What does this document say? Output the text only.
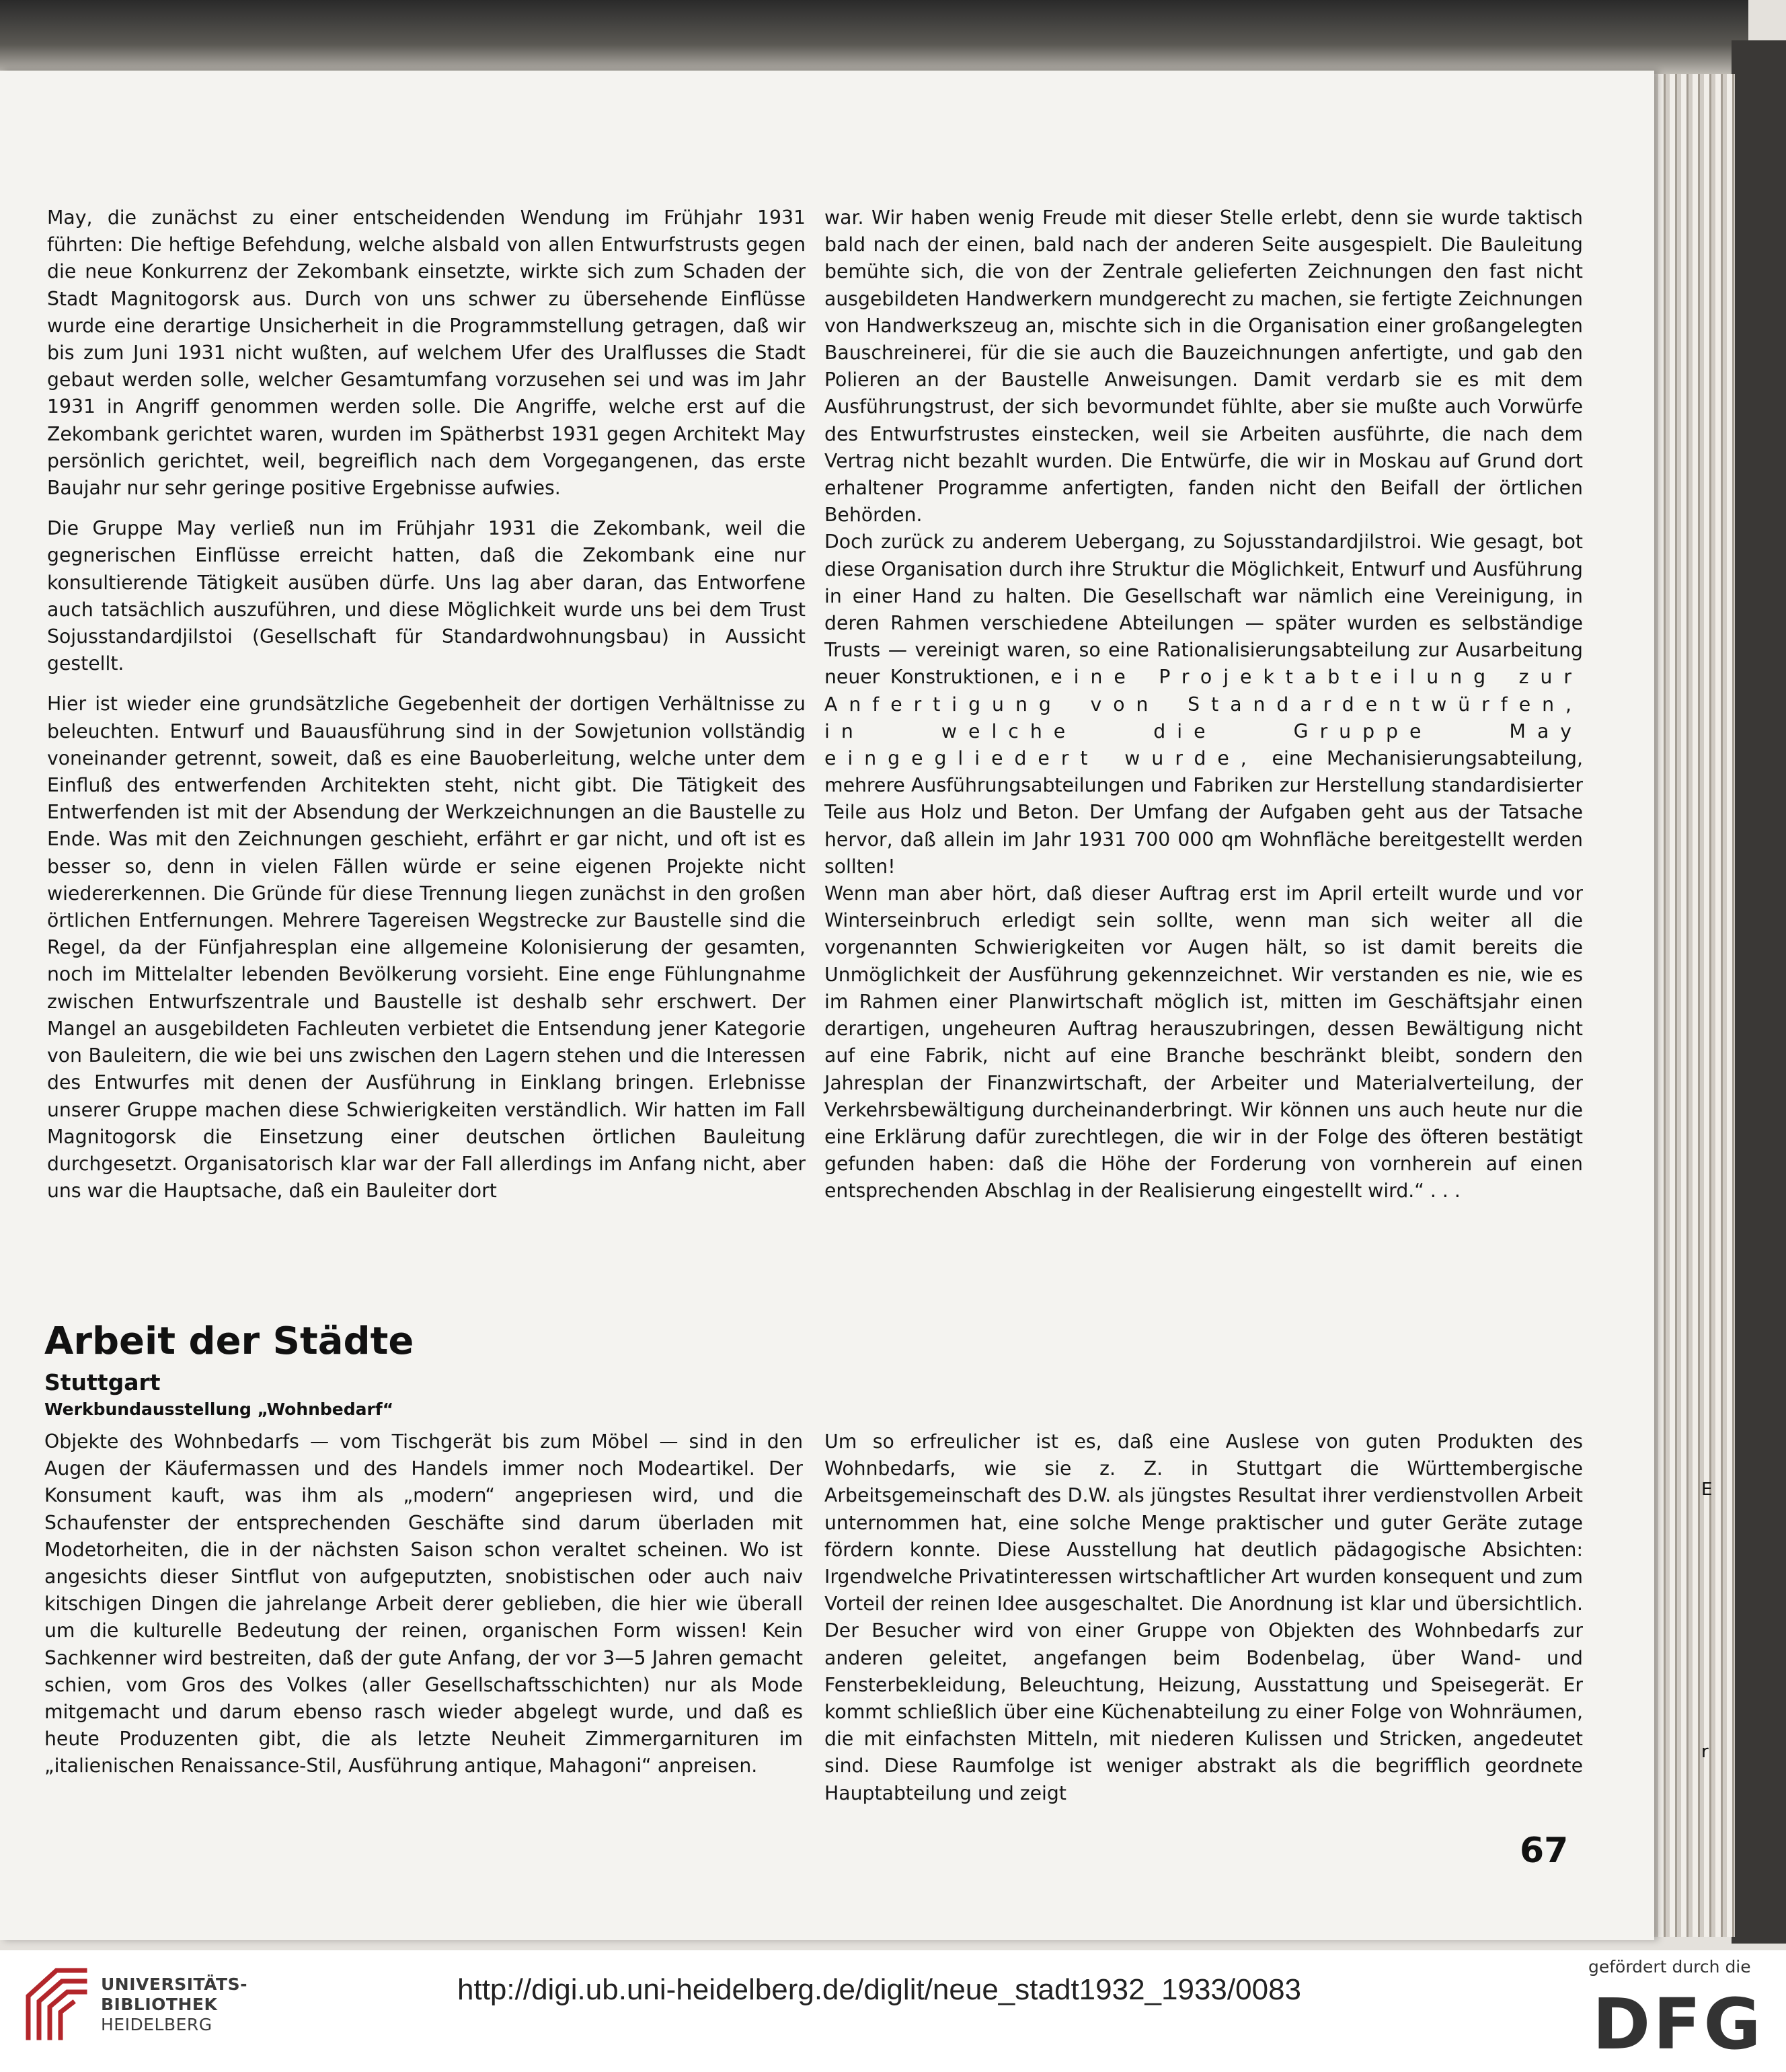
E
r

May, die zunächst zu einer entscheidenden Wendung im Frühjahr 1931 führten: Die heftige Befehdung, welche alsbald von allen Entwurfstrusts gegen die neue Konkurrenz der Zekombank einsetzte, wirkte sich zum Schaden der Stadt Magnitogorsk aus. Durch von uns schwer zu übersehende Einflüsse wurde eine derartige Unsicherheit in die Programmstellung getragen, daß wir bis zum Juni 1931 nicht wußten, auf welchem Ufer des Uralflusses die Stadt gebaut werden solle, welcher Gesamtumfang vorzusehen sei und was im Jahr 1931 in Angriff genommen werden solle. Die Angriffe, welche erst auf die Zekombank gerichtet waren, wurden im Spätherbst 1931 gegen Architekt May persönlich gerichtet, weil, begreiflich nach dem Vorgegangenen, das erste Baujahr nur sehr geringe positive Ergebnisse aufwies.

Die Gruppe May verließ nun im Frühjahr 1931 die Zekombank, weil die gegnerischen Einflüsse erreicht hatten, daß die Zekombank eine nur konsultierende Tätigkeit ausüben dürfe. Uns lag aber daran, das Entworfene auch tatsächlich auszuführen, und diese Möglichkeit wurde uns bei dem Trust Sojusstandardjilstoi (Gesellschaft für Standardwohnungsbau) in Aussicht gestellt.

Hier ist wieder eine grundsätzliche Gegebenheit der dortigen Verhältnisse zu beleuchten. Entwurf und Bauausführung sind in der Sowjetunion vollständig voneinander getrennt, soweit, daß es eine Bauoberleitung, welche unter dem Einfluß des entwerfenden Architekten steht, nicht gibt. Die Tätigkeit des Entwerfenden ist mit der Absendung der Werkzeichnungen an die Baustelle zu Ende. Was mit den Zeichnungen geschieht, erfährt er gar nicht, und oft ist es besser so, denn in vielen Fällen würde er seine eigenen Projekte nicht wiedererkennen. Die Gründe für diese Trennung liegen zunächst in den großen örtlichen Entfernungen. Mehrere Tagereisen Wegstrecke zur Baustelle sind die Regel, da der Fünfjahresplan eine allgemeine Kolonisierung der gesamten, noch im Mittelalter lebenden Bevölkerung vorsieht. Eine enge Fühlungnahme zwischen Entwurfszentrale und Baustelle ist deshalb sehr erschwert. Der Mangel an ausgebildeten Fachleuten verbietet die Entsendung jener Kategorie von Bauleitern, die wie bei uns zwischen den Lagern stehen und die Interessen des Entwurfes mit denen der Ausführung in Einklang bringen. Erlebnisse unserer Gruppe machen diese Schwierigkeiten verständlich. Wir hatten im Fall Magnitogorsk die Einsetzung einer deutschen örtlichen Bauleitung durchgesetzt. Organisatorisch klar war der Fall allerdings im Anfang nicht, aber uns war die Hauptsache, daß ein Bauleiter dort

war. Wir haben wenig Freude mit dieser Stelle erlebt, denn sie wurde taktisch bald nach der einen, bald nach der anderen Seite ausgespielt. Die Bauleitung bemühte sich, die von der Zentrale gelieferten Zeichnungen den fast nicht ausgebildeten Handwerkern mundgerecht zu machen, sie fertigte Zeichnungen von Handwerkszeug an, mischte sich in die Organisation einer großangelegten Bauschreinerei, für die sie auch die Bauzeichnungen anfertigte, und gab den Polieren an der Baustelle Anweisungen. Damit verdarb sie es mit dem Ausführungstrust, der sich bevormundet fühlte, aber sie mußte auch Vorwürfe des Entwurfstrustes einstecken, weil sie Arbeiten ausführte, die nach dem Vertrag nicht bezahlt wurden. Die Entwürfe, die wir in Moskau auf Grund dort erhaltener Programme anfertigten, fanden nicht den Beifall der örtlichen Behörden.

Doch zurück zu anderem Uebergang, zu Sojusstandardjilstroi. Wie gesagt, bot diese Organisation durch ihre Struktur die Möglichkeit, Entwurf und Ausführung in einer Hand zu halten. Die Gesellschaft war nämlich eine Vereinigung, in deren Rahmen verschiedene Abteilungen — später wurden es selbständige Trusts — vereinigt waren, so eine Rationalisierungsabteilung zur Ausarbeitung neuer Konstruktionen, eine Projektabteilung zur Anfertigung von Standardentwürfen, in welche die Gruppe May eingegliedert wurde, eine Mechanisierungsabteilung, mehrere Ausführungsabteilungen und Fabriken zur Herstellung standardisierter Teile aus Holz und Beton. Der Umfang der Aufgaben geht aus der Tatsache hervor, daß allein im Jahr 1931 700 000 qm Wohnfläche bereitgestellt werden sollten!

Wenn man aber hört, daß dieser Auftrag erst im April erteilt wurde und vor Winterseinbruch erledigt sein sollte, wenn man sich weiter all die vorgenannten Schwierigkeiten vor Augen hält, so ist damit bereits die Unmöglichkeit der Ausführung gekennzeichnet. Wir verstanden es nie, wie es im Rahmen einer Planwirtschaft möglich ist, mitten im Geschäftsjahr einen derartigen, ungeheuren Auftrag herauszubringen, dessen Bewältigung nicht auf eine Fabrik, nicht auf eine Branche beschränkt bleibt, sondern den Jahresplan der Finanzwirtschaft, der Arbeiter und Materialverteilung, der Verkehrsbewältigung durcheinanderbringt. Wir können uns auch heute nur die eine Erklärung dafür zurechtlegen, die wir in der Folge des öfteren bestätigt gefunden haben: daß die Höhe der Forderung von vornherein auf einen entsprechenden Abschlag in der Realisierung eingestellt wird.“ . . .

Arbeit der Städte
Stuttgart
Werkbundausstellung „Wohnbedarf“

Objekte des Wohnbedarfs — vom Tischgerät bis zum Möbel — sind in den Augen der Käufermassen und des Handels immer noch Modeartikel. Der Konsument kauft, was ihm als „modern“ angepriesen wird, und die Schaufenster der entsprechenden Geschäfte sind darum überladen mit Modetorheiten, die in der nächsten Saison schon veraltet scheinen. Wo ist angesichts dieser Sintflut von aufgeputzten, snobistischen oder auch naiv kitschigen Dingen die jahrelange Arbeit derer geblieben, die hier wie überall um die kulturelle Bedeutung der reinen, organischen Form wissen! Kein Sachkenner wird bestreiten, daß der gute Anfang, der vor 3—5 Jahren gemacht schien, vom Gros des Volkes (aller Gesellschaftsschichten) nur als Mode mitgemacht und darum ebenso rasch wieder abgelegt wurde, und daß es heute Produzenten gibt, die als letzte Neuheit Zimmergarnituren im „italienischen Renaissance-Stil, Ausführung antique, Mahagoni“ anpreisen.

Um so erfreulicher ist es, daß eine Auslese von guten Produkten des Wohnbedarfs, wie sie z. Z. in Stuttgart die Württembergische Arbeitsgemeinschaft des D.W. als jüngstes Resultat ihrer verdienstvollen Arbeit unternommen hat, eine solche Menge praktischer und guter Geräte zutage fördern konnte. Diese Ausstellung hat deutlich pädagogische Absichten: Irgendwelche Privatinteressen wirtschaftlicher Art wurden konsequent und zum Vorteil der reinen Idee ausgeschaltet. Die Anordnung ist klar und übersichtlich. Der Besucher wird von einer Gruppe von Objekten des Wohnbedarfs zur anderen geleitet, angefangen beim Bodenbelag, über Wand- und Fensterbekleidung, Beleuchtung, Heizung, Ausstattung und Speisegerät. Er kommt schließlich über eine Küchenabteilung zu einer Folge von Wohnräumen, die mit einfachsten Mitteln, mit niederen Kulissen und Stricken, angedeutet sind. Diese Raumfolge ist weniger abstrakt als die begrifflich geordnete Hauptabteilung und zeigt

67
UNIVERSITÄTS-
BIBLIOTHEK
HEIDELBERG
http://digi.ub.uni-heidelberg.de/diglit/neue_stadt1932_1933/0083
gefördert durch die
DFG
